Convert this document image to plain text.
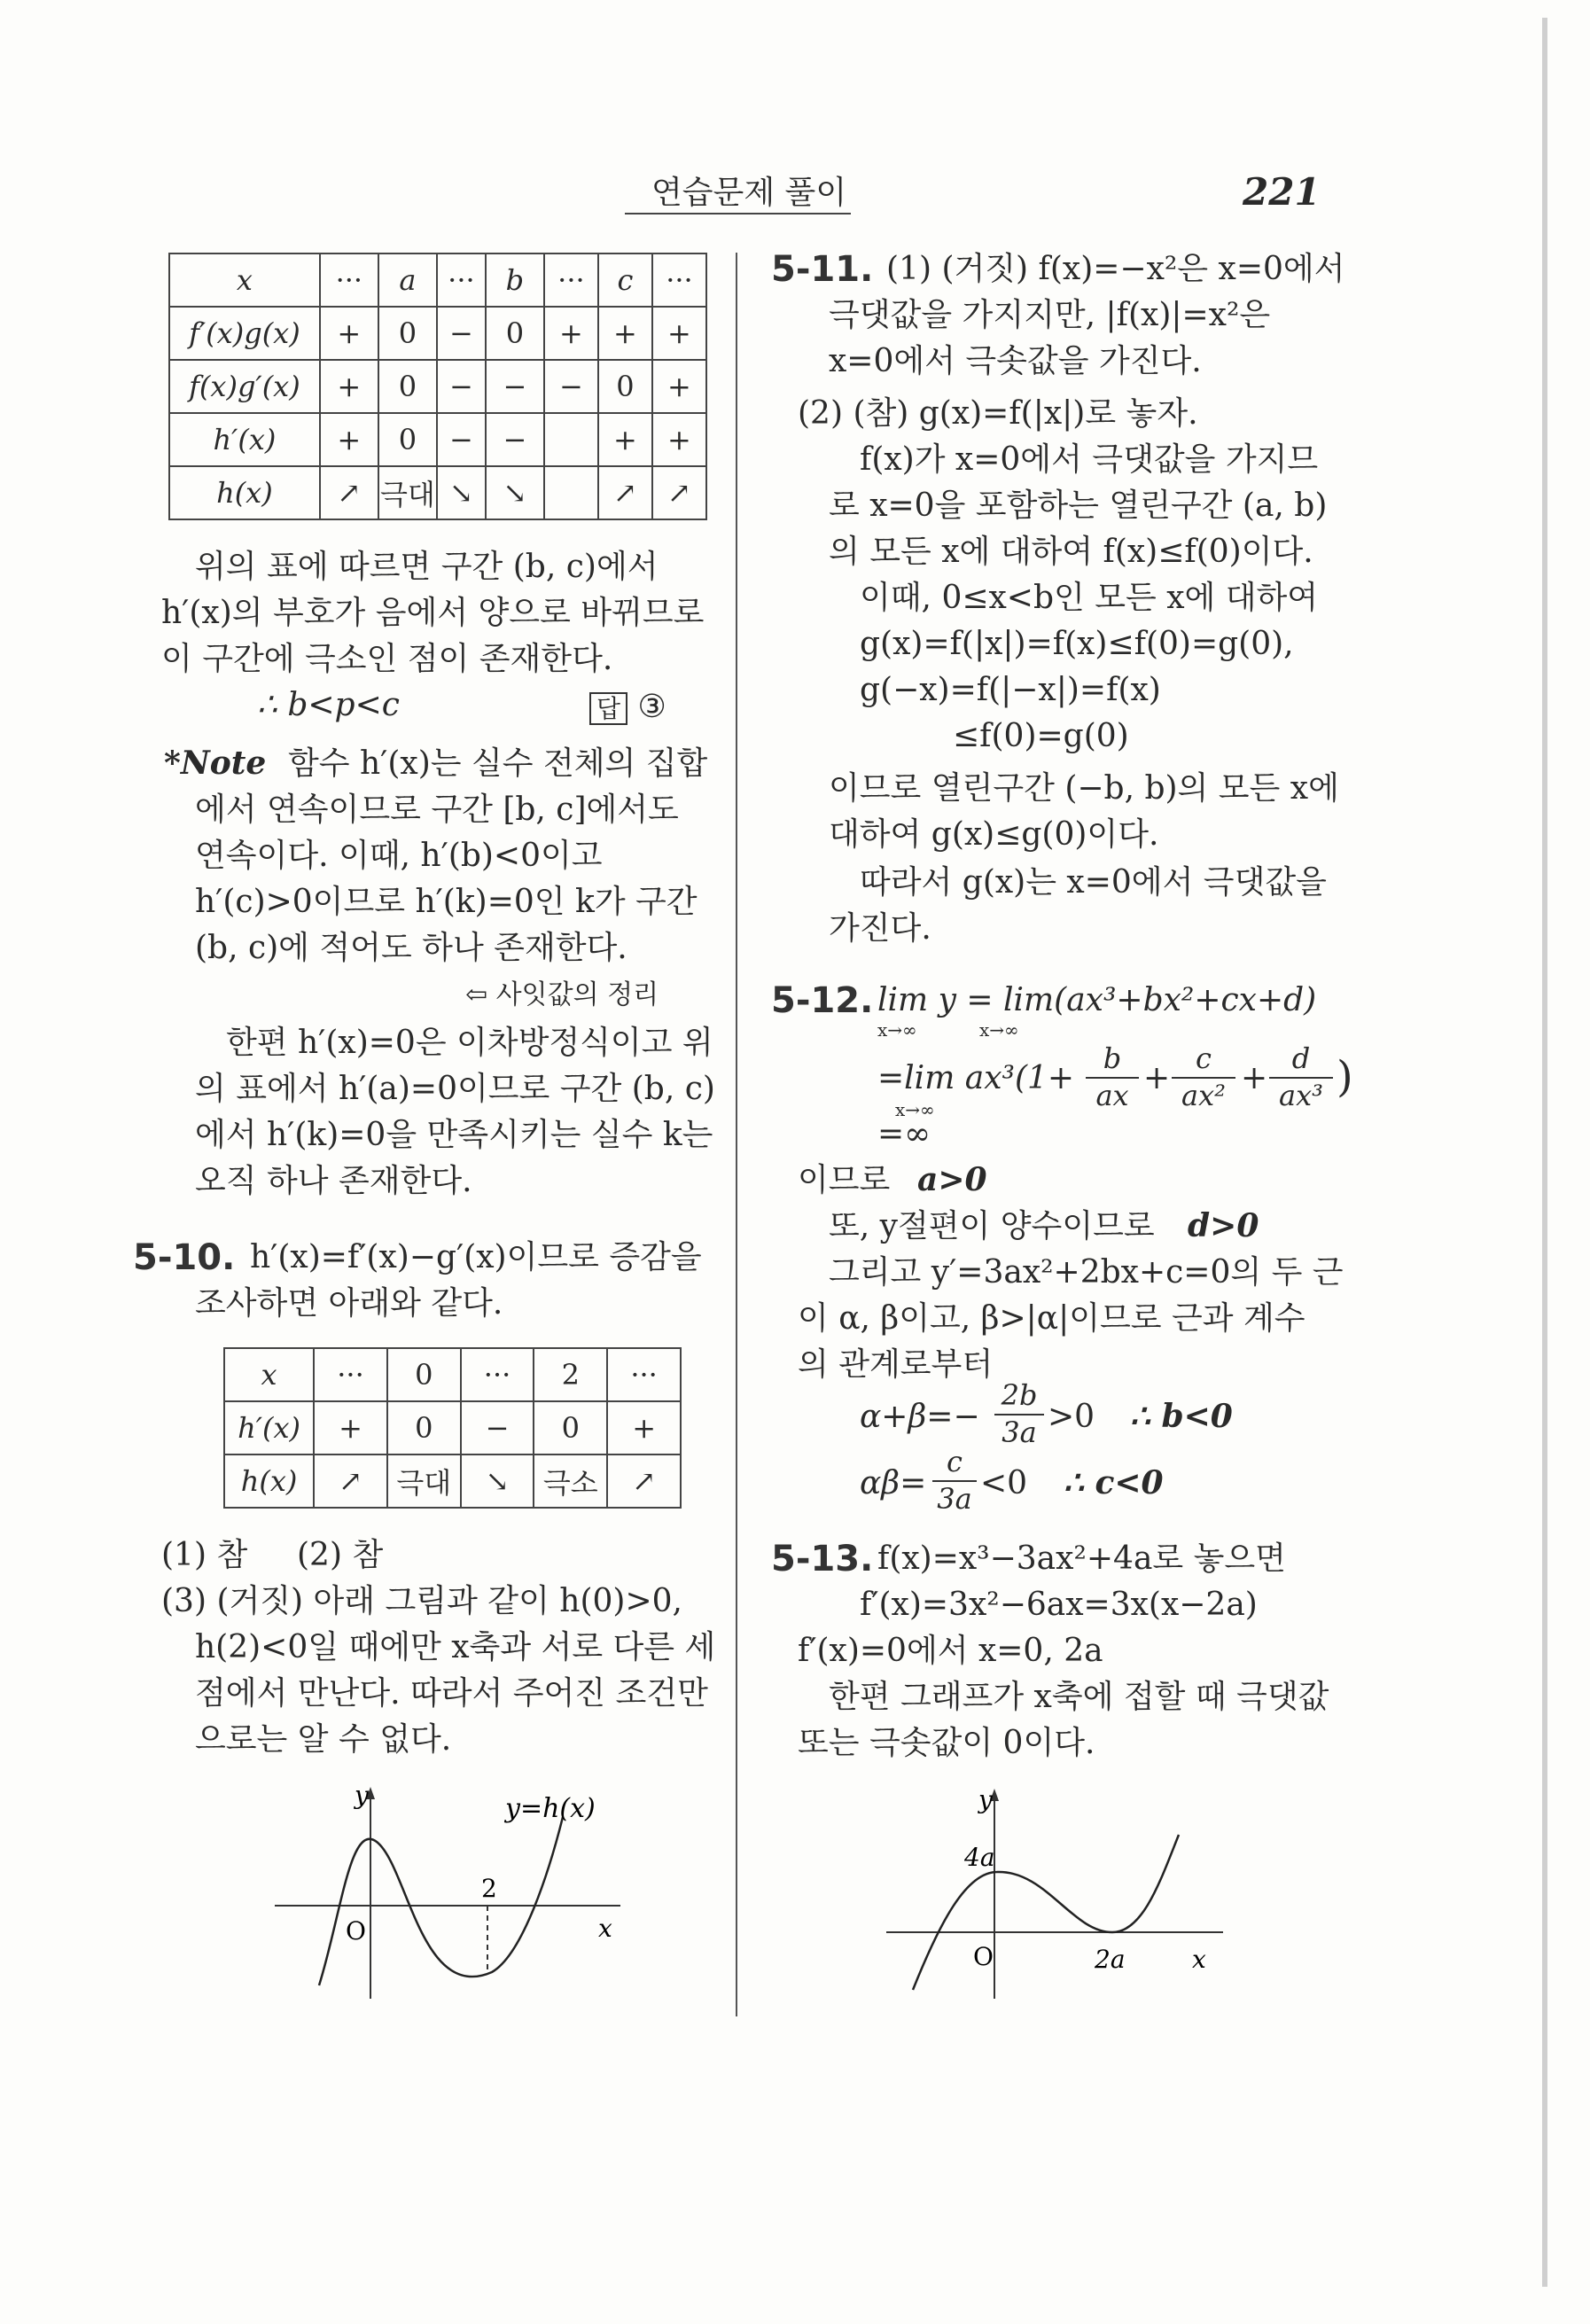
연습문제 풀이	221
x	···	a	···	b	···	c	···
f′(x)g(x)	+	0	−	0	+	+	+
f(x)g′(x)	+	0	−	−	−	0	+
h′(x)	+	0	−	−		+	+
h(x)	↗	극대	↘	↘		↗	↗
위의 표에 따르면 구간 (b, c)에서
h′(x)의 부호가 음에서 양으로 바뀌므로
이 구간에 극소인 점이 존재한다.
∴ b<p<c	답 ③
*Note 함수 h′(x)는 실수 전체의 집합
에서 연속이므로 구간 [b, c]에서도
연속이다. 이때, h′(b)<0이고
h′(c)>0이므로 h′(k)=0인 k가 구간
(b, c)에 적어도 하나 존재한다.
⇦ 사잇값의 정리
한편 h′(x)=0은 이차방정식이고 위
의 표에서 h′(a)=0이므로 구간 (b, c)
에서 h′(k)=0을 만족시키는 실수 k는
오직 하나 존재한다.
5-10. h′(x)=f′(x)−g′(x)이므로 증감을
조사하면 아래와 같다.
x	···	0	···	2	···
h′(x)	+	0	−	0	+
h(x)	↗	극대	↘	극소	↗
(1) 참 (2) 참
(3) (거짓) 아래 그림과 같이 h(0)>0,
h(2)<0일 때에만 x축과 서로 다른 세
점에서 만난다. 따라서 주어진 조건만
으로는 알 수 없다.
y
x
O
2
y=h(x)
5-11. (1) (거짓) f(x)=−x²은 x=0에서
극댓값을 가지지만, |f(x)|=x²은
x=0에서 극솟값을 가진다.
(2) (참) g(x)=f(|x|)로 놓자.
f(x)가 x=0에서 극댓값을 가지므
로 x=0을 포함하는 열린구간 (a, b)
의 모든 x에 대하여 f(x)≤f(0)이다.
이때, 0≤x<b인 모든 x에 대하여
g(x)=f(|x|)=f(x)≤f(0)=g(0),
g(−x)=f(|−x|)=f(x)
≤f(0)=g(0)
이므로 열린구간 (−b, b)의 모든 x에
대하여 g(x)≤g(0)이다.
따라서 g(x)는 x=0에서 극댓값을
가진다.
5-12. lim y = lim(ax³+bx²+cx+d)
x→∞	x→∞
=lim ax³(1+
b
ax +
c
ax² +
d
ax³ )
x→∞
=∞
이므로 a>0
또, y절편이 양수이므로 d>0
그리고 y′=3ax²+2bx+c=0의 두 근
이 α, β이고, β>|α|이므로 근과 계수
의 관계로부터
α+β=−
2b
3a >0 ∴ b<0
αβ=
c
3a <0 ∴ c<0
5-13. f(x)=x³−3ax²+4a로 놓으면
f′(x)=3x²−6ax=3x(x−2a)
f′(x)=0에서 x=0, 2a
한편 그래프가 x축에 접할 때 극댓값
또는 극솟값이 0이다.
y
x
O
4a
2a
